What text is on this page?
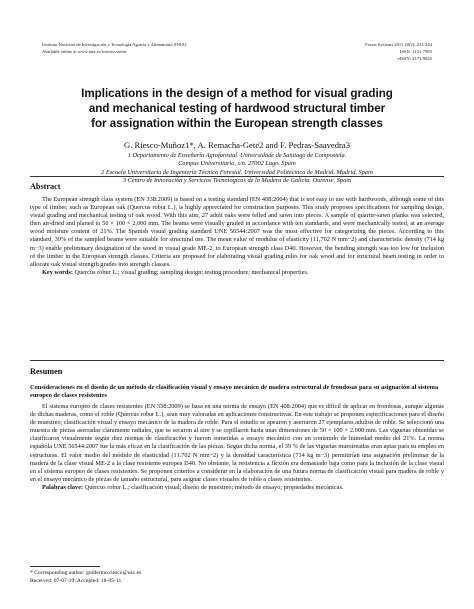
Instituto Nacional de Investigación y Tecnología Agraria y Alimentaria (INIA)
Available online at www.inia.es/forestsystems
Forest Systems 2011 20(2), 233-244
ISSN: 1131-7965
eISSN: 2171-9845
Implications in the design of a method for visual grading
and mechanical testing of hardwood structural timber
for assignation within the European strength classes
G. Riesco-Muñoz1*, A. Remacha-Gete2 and F. Pedras-Saavedra3
1 Departamento de Enxeñaría Agroforestal. Universidade de Santiago de Compostela.
Campus Universitario, s/n. 27002 Lugo. Spain
2 Escuela Universitaria de Ingeniería Técnica Forestal. Universidad Politécnica de Madrid. Madrid. Spain
3 Centro de Innovación y Servicios Tecnológicos de la Madera de Galicia. Ourense. Spain
Abstract

The European strength class system (EN 338:2009) is based on a testing standard (EN 408:2004) that is not easy to use with hardwoods, although some of this type of timber, such as European oak (Quercus robur L.), is highly appreciated for construction purposes. This study proposes specifications for sampling design, visual grading and mechanical testing of oak wood. With this aim, 27 adult oaks were felled and sawn into pieces. A sample of quarter-sawn planks was selected, then air-dried and planed to 50 × 100 × 2,000 mm. The beams were visually graded in accordance with ten standards, and were mechanically tested, at an average wood moisture content of 21%. The Spanish visual grading standard UNE 56544:2007 was the most effective for categorizing the pieces. According to this standard, 39% of the sampled beams were suitable for structural use. The mean value of modulus of elasticity (11,702 N mm−2) and characteristic density (714 kg m−3) enable preliminary designation of the wood in visual grade ME-2, to European strength class D40. However, the bending strength was too low for inclusion of the timber in the European strength classes. Criteria are proposed for elaborating visual grading rules for oak wood and for structural beam testing in order to allocate oak visual strength grades into strength classes.

Key words: Quercus robur L.; visual grading; sampling design; testing procedure; mechanical properties.
Resumen
Consideraciones en el diseño de un método de clasificación visual y ensayo mecánico de madera estructural de frondosas para su asignación al sistema europeo de clases resistentes

El sistema europeo de clases resistentes (EN 338:2009) se basa en una norma de ensayo (EN 408:2004) que es difícil de aplicar en frondosas, aunque algunas de dichas maderas, como el roble (Quercus robur L.), sean muy valoradas en aplicaciones constructivas. En este trabajo se proponen especificaciones para el diseño de muestreo, clasificación visual y ensayo mecánico de la madera de roble. Para el estudio se apearon y aserraron 27 ejemplares adultos de roble. Se seleccionó una muestra de piezas aserradas claramente radiales, que se secaron al aire y se cepillaron hasta unas dimensiones de 50 × 100 × 2.000 mm. Las viguetas obtenidas se clasificaron visualmente según diez normas de clasificación y fueron sometidas a ensayo mecánico con un contenido de humedad medio del 21%. La norma española UNE 56544:2007 fue la más eficaz en la clasificación de las piezas. Según dicha norma, el 39 % de las viguetas muestreadas eran aptas para su empleo en estructuras. El valor medio del módulo de elasticidad (11.702 N mm−2) y la densidad característica (714 kg m−3) permitirían una asignación preliminar de la madera de la clase visual ME-2 a la clase resistente europea D40. No obstante, la resistencia a flexión era demasiado baja como para la inclusión de la clase visual en el sistema europeo de clases resistentes. Se proponen criterios a considerar en la elaboración de una futura norma de clasificación visual para madera de roble y en el ensayo mecánico de piezas de tamaño estructural, para asignar clases visuales de roble a clases resistentes.

Palabras clave: Quercus robur L.; clasificación visual; diseño de muestreo; método de ensayo; propiedades mecánicas.
* Corresponding author: guillermo.riesco@usc.es
Received: 07-07-10; Accepted: 18-05-11.
